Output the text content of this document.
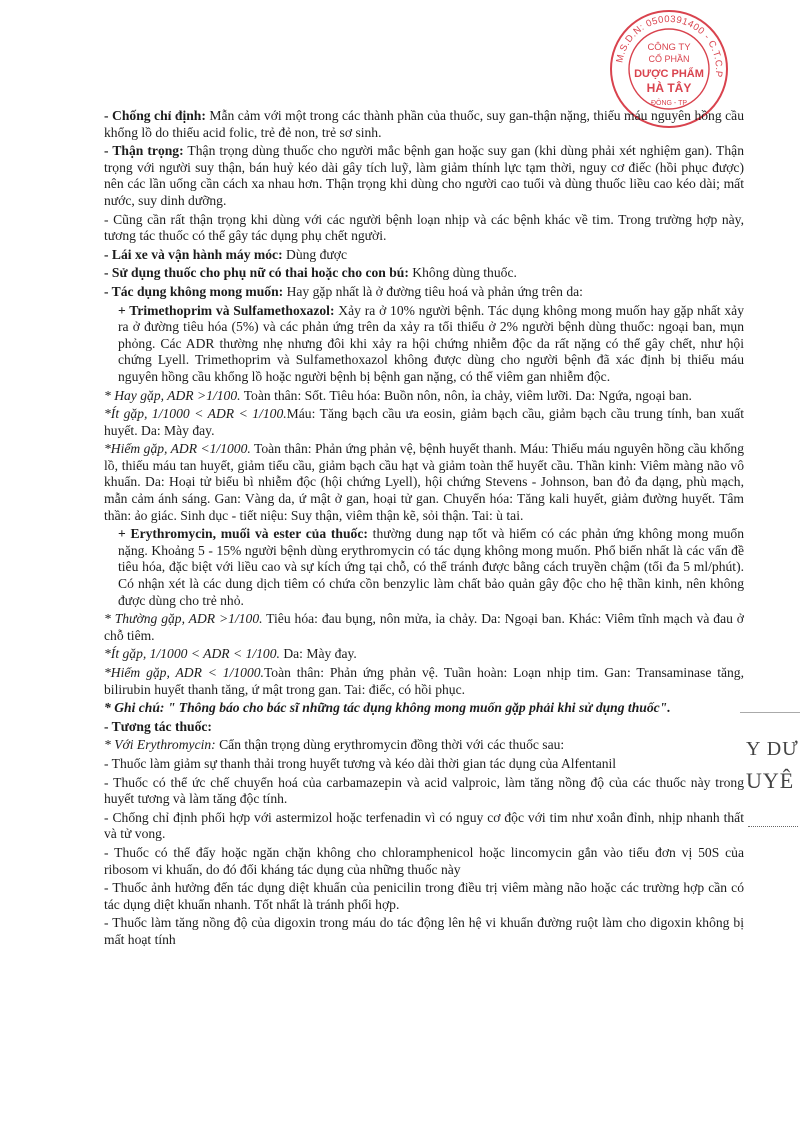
M.S.D.N: 0500391400 - C.T.C.P
CÔNG TY
CỔ PHẦN
DƯỢC PHẨM
HÀ TÂY
ĐÔNG - TP
Y DƯ
UYÊ

- Chống chỉ định: Mẫn cảm với một trong các thành phần của thuốc, suy gan-thận nặng, thiếu máu nguyên hồng cầu khổng lồ do thiếu acid folic, trẻ đẻ non, trẻ sơ sinh.

- Thận trọng: Thận trọng dùng thuốc cho người mắc bệnh gan hoặc suy gan (khi dùng phải xét nghiệm gan). Thận trọng với người suy thận, bán huỷ kéo dài gây tích luỹ, làm giảm thính lực tạm thời, nguy cơ điếc (hồi phục được) nên các lần uống cần cách xa nhau hơn. Thận trọng khi dùng cho người cao tuổi và dùng thuốc liều cao kéo dài; mất nước, suy dinh dưỡng.

- Cũng cần rất thận trọng khi dùng với các người bệnh loạn nhịp và các bệnh khác về tim. Trong trường hợp này, tương tác thuốc có thể gây tác dụng phụ chết người.

- Lái xe và vận hành máy móc: Dùng được

- Sử dụng thuốc cho phụ nữ có thai hoặc cho con bú: Không dùng thuốc.

- Tác dụng không mong muốn: Hay gặp nhất là ở đường tiêu hoá và phản ứng trên da:

+ Trimethoprim và Sulfamethoxazol: Xảy ra ở 10% người bệnh. Tác dụng không mong muốn hay gặp nhất xảy ra ở đường tiêu hóa (5%) và các phản ứng trên da xảy ra tối thiểu ở 2% người bệnh dùng thuốc: ngoại ban, mụn phỏng. Các ADR thường nhẹ nhưng đôi khi xảy ra hội chứng nhiễm độc da rất nặng có thể gây chết, như hội chứng Lyell. Trimethoprim và Sulfamethoxazol không được dùng cho người bệnh đã xác định bị thiếu máu nguyên hồng cầu khổng lồ hoặc người bệnh bị bệnh gan nặng, có thể viêm gan nhiễm độc.

* Hay gặp, ADR >1/100. Toàn thân: Sốt. Tiêu hóa: Buồn nôn, nôn, ỉa chảy, viêm lưỡi. Da: Ngứa, ngoại ban.

*Ít gặp, 1/1000 < ADR < 1/100.Máu: Tăng bạch cầu ưa eosin, giảm bạch cầu, giảm bạch cầu trung tính, ban xuất huyết. Da: Mày đay.

*Hiếm gặp, ADR <1/1000. Toàn thân: Phản ứng phản vệ, bệnh huyết thanh. Máu: Thiếu máu nguyên hồng cầu khổng lồ, thiếu máu tan huyết, giảm tiểu cầu, giảm bạch cầu hạt và giảm toàn thể huyết cầu. Thần kinh: Viêm màng não vô khuẩn. Da: Hoại tử biểu bì nhiễm độc (hội chứng Lyell), hội chứng Stevens - Johnson, ban đỏ đa dạng, phù mạch, mẫn cảm ánh sáng. Gan: Vàng da, ứ mật ở gan, hoại tử gan. Chuyển hóa: Tăng kali huyết, giảm đường huyết. Tâm thần: ảo giác. Sinh dục - tiết niệu: Suy thận, viêm thận kẽ, sỏi thận. Tai: ù tai.

+ Erythromycin, muối và ester của thuốc: thường dung nạp tốt và hiếm có các phản ứng không mong muốn nặng. Khoảng 5 - 15% người bệnh dùng erythromycin có tác dụng không mong muốn. Phổ biến nhất là các vấn đề tiêu hóa, đặc biệt với liều cao và sự kích ứng tại chỗ, có thể tránh được bằng cách truyền chậm (tối đa 5 ml/phút). Có nhận xét là các dung dịch tiêm có chứa cồn benzylic làm chất bảo quản gây độc cho hệ thần kinh, nên không được dùng cho trẻ nhỏ.

* Thường gặp, ADR >1/100. Tiêu hóa: đau bụng, nôn mửa, ỉa chảy. Da: Ngoại ban. Khác: Viêm tĩnh mạch và đau ở chỗ tiêm.

*Ít gặp, 1/1000 < ADR < 1/100. Da: Mày đay.

*Hiếm gặp, ADR < 1/1000.Toàn thân: Phản ứng phản vệ. Tuần hoàn: Loạn nhịp tim. Gan: Transaminase tăng, bilirubin huyết thanh tăng, ứ mật trong gan. Tai: điếc, có hồi phục.

* Ghi chú: " Thông báo cho bác sĩ những tác dụng không mong muốn gặp phải khi sử dụng thuốc".

- Tương tác thuốc:

* Với Erythromycin: Cẩn thận trọng dùng erythromycin đồng thời với các thuốc sau:

- Thuốc làm giảm sự thanh thải trong huyết tương và kéo dài thời gian tác dụng của Alfentanil

- Thuốc có thể ức chế chuyển hoá của carbamazepin và acid valproic, làm tăng nồng độ của các thuốc này trong huyết tương và làm tăng độc tính.

- Chống chỉ định phối hợp với astermizol hoặc terfenadin vì có nguy cơ độc với tim như xoắn đỉnh, nhịp nhanh thất và tử vong.

- Thuốc có thể đẩy hoặc ngăn chặn không cho chloramphenicol hoặc lincomycin gắn vào tiểu đơn vị 50S của ribosom vi khuẩn, do đó đối kháng tác dụng của những thuốc này

- Thuốc ảnh hưởng đến tác dụng diệt khuẩn của penicilin trong điều trị viêm màng não hoặc các trường hợp cần có tác dụng diệt khuẩn nhanh. Tốt nhất là tránh phối hợp.

- Thuốc làm tăng nồng độ của digoxin trong máu do tác động lên hệ vi khuẩn đường ruột làm cho digoxin không bị mất hoạt tính
